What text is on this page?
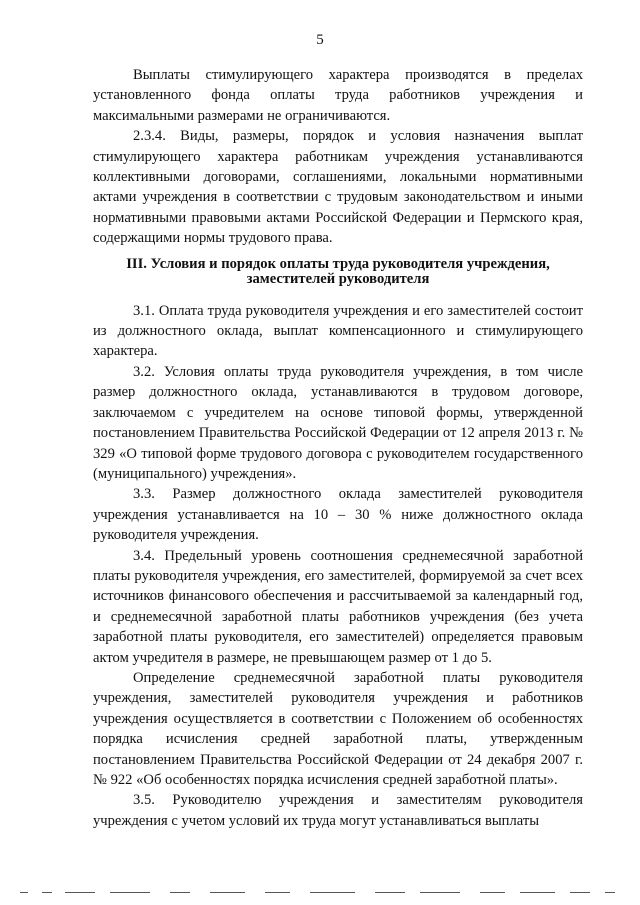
5

Выплаты стимулирующего характера производятся в пределах установленного фонда оплаты труда работников учреждения и максимальными размерами не ограничиваются.

2.3.4. Виды, размеры, порядок и условия назначения выплат стимулирующего характера работникам учреждения устанавливаются коллективными договорами, соглашениями, локальными нормативными актами учреждения в соответствии с трудовым законодательством и иными нормативными правовыми актами Российской Федерации и Пермского края, содержащими нормы трудового права.

III. Условия и порядок оплаты труда руководителя учреждения,
заместителей руководителя

3.1. Оплата труда руководителя учреждения и его заместителей состоит из должностного оклада, выплат компенсационного и стимулирующего характера.

3.2. Условия оплаты труда руководителя учреждения, в том числе размер должностного оклада, устанавливаются в трудовом договоре, заключаемом с учредителем на основе типовой формы, утвержденной постановлением Правительства Российской Федерации от 12 апреля 2013 г. № 329 «О типовой форме трудового договора с руководителем государственного (муниципального) учреждения».

3.3. Размер должностного оклада заместителей руководителя учреждения устанавливается на 10 – 30 % ниже должностного оклада руководителя учреждения.

3.4. Предельный уровень соотношения среднемесячной заработной платы руководителя учреждения, его заместителей, формируемой за счет всех источников финансового обеспечения и рассчитываемой за календарный год, и среднемесячной заработной платы работников учреждения (без учета заработной платы руководителя, его заместителей) определяется правовым актом учредителя в размере, не превышающем размер от 1 до 5.

Определение среднемесячной заработной платы руководителя учреждения, заместителей руководителя учреждения и работников учреждения осуществляется в соответствии с Положением об особенностях порядка исчисления средней заработной платы, утвержденным постановлением Правительства Российской Федерации от 24 декабря 2007 г. № 922 «Об особенностях порядка исчисления средней заработной платы».

3.5. Руководителю учреждения и заместителям руководителя учреждения с учетом условий их труда могут устанавливаться выплаты
